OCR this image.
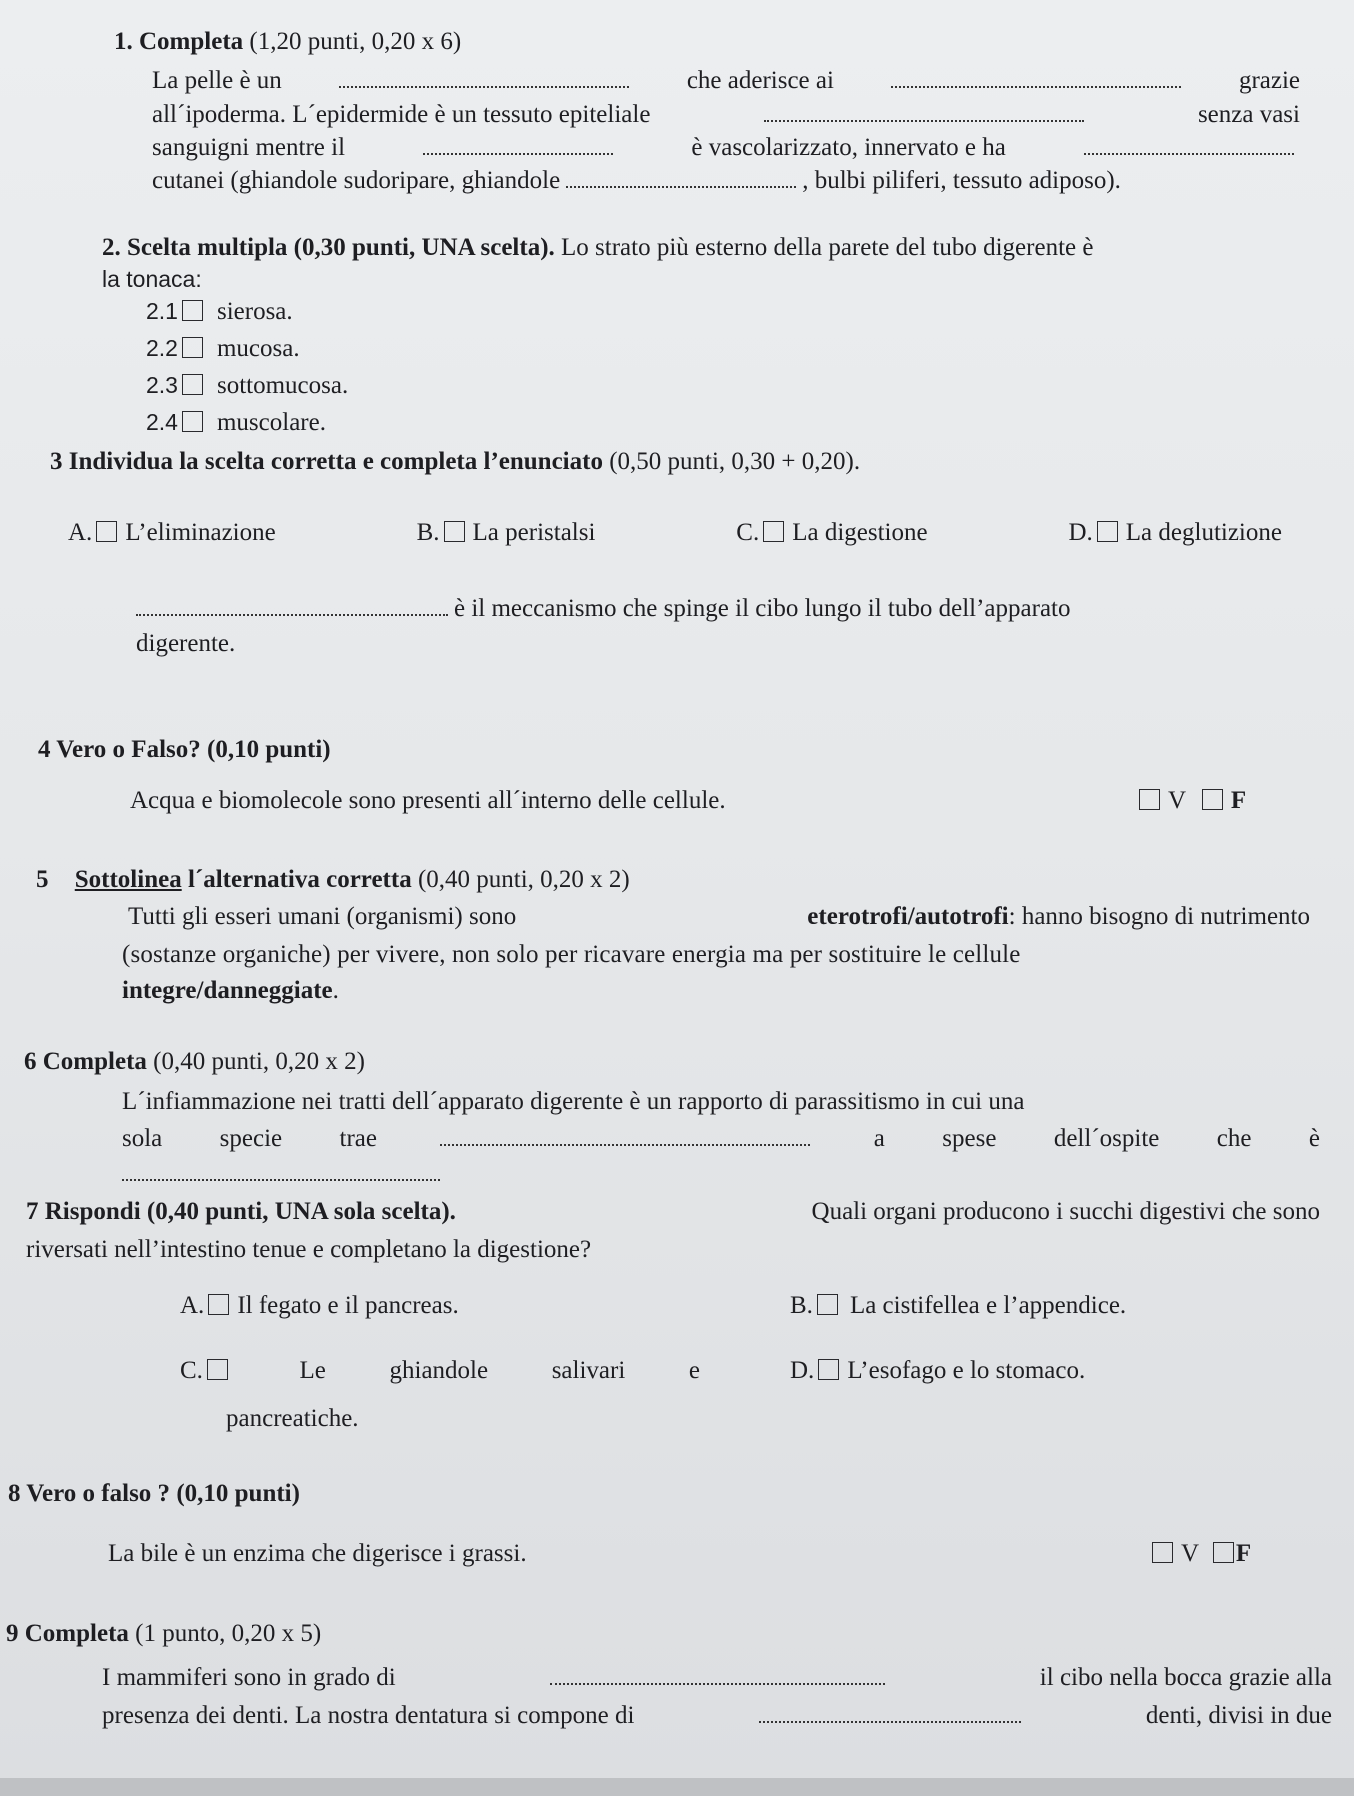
1. Completa (1,20 punti, 0,20 x 6)
La pelle è un	che aderisce ai	grazie
all´ipoderma. L´epidermide è un tessuto epiteliale	senza vasi
sanguigni mentre il	è vascolarizzato, innervato e ha
cutanei (ghiandole sudoripare, ghiandole	, bulbi piliferi, tessuto adiposo).
2. Scelta multipla (0,30 punti, UNA scelta). Lo strato più esterno della parete del tubo digerente è
la tonaca:
2.1 sierosa.
2.2 mucosa.
2.3 sottomucosa.
2.4 muscolare.
3 Individua la scelta corretta e completa l’enunciato (0,50 punti, 0,30 + 0,20).
A. L’eliminazione	B. La peristalsi	C. La digestione	D. La deglutizione
è il meccanismo che spinge il cibo lungo il tubo dell’apparato
digerente.
4 Vero o Falso? (0,10 punti)
Acqua e biomolecole sono presenti all´interno delle cellule.	V F
5 Sottolinea l´alternativa corretta (0,40 punti, 0,20 x 2)
Tutti gli esseri umani (organismi) sono	eterotrofi/autotrofi: hanno bisogno di nutrimento
(sostanze organiche) per vivere, non solo per ricavare energia ma per sostituire le cellule
integre/danneggiate.
6 Completa (0,40 punti, 0,20 x 2)
L´infiammazione nei tratti dell´apparato digerente è un rapporto di parassitismo in cui una
sola specie trae	a spese dell´ospite che è
7 Rispondi (0,40 punti, UNA sola scelta).	Quali organi producono i succhi digestivi che sono
riversati nell’intestino tenue e completano la digestione?
A. Il fegato e il pancreas.	B. La cistifellea e l’appendice.
C.	Le	ghiandole	salivari	e
pancreatiche.
D. L’esofago e lo stomaco.
8 Vero o falso ? (0,10 punti)
La bile è un enzima che digerisce i grassi.	V F
9 Completa (1 punto, 0,20 x 5)
I mammiferi sono in grado di	il cibo nella bocca grazie alla
presenza dei denti. La nostra dentatura si compone di	denti, divisi in due
